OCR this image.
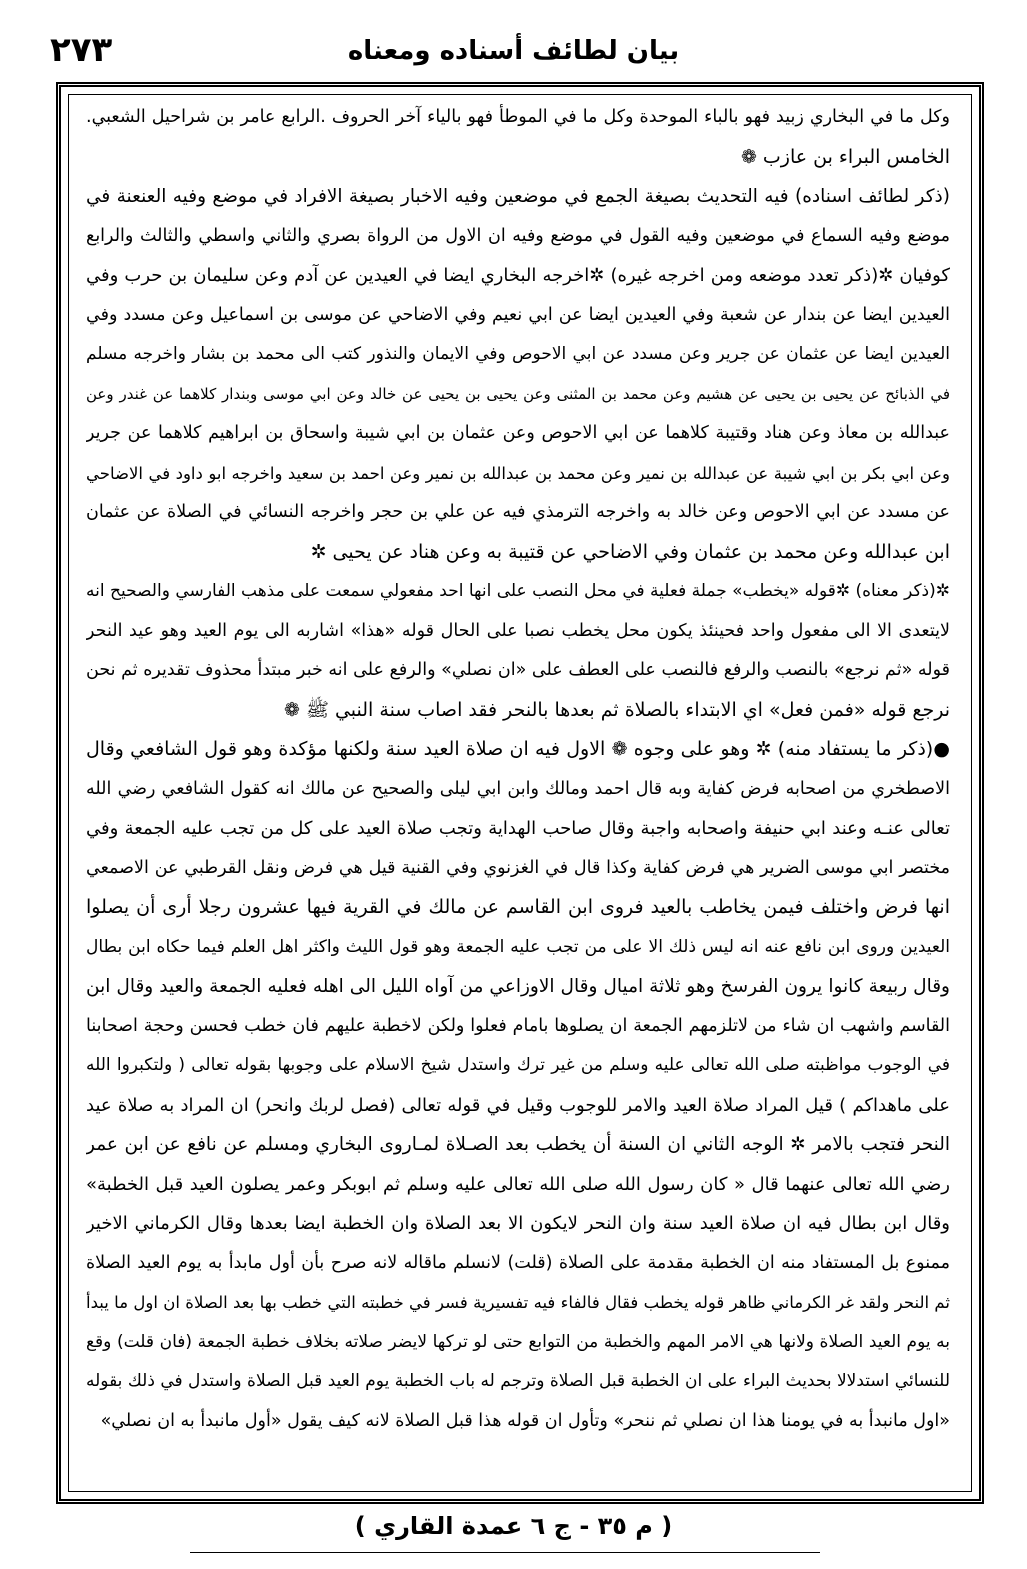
٢٧٣	بيان لطائف أسناده ومعناه
وكل ما في البخاري زبيد فهو بالباء الموحدة وكل ما في الموطأ فهو بالياء آخر الحروف .الرابع عامر بن شراحيل الشعبي.
الخامس البراء بن عازب ❁
(ذكر لطائف اسناده) فيه التحديث بصيغة الجمع في موضعين وفيه الاخبار بصيغة الافراد في موضع وفيه العنعنة في
موضع وفيه السماع في موضعين وفيه القول في موضع وفيه ان الاول من الرواة بصري والثاني واسطي والثالث والرابع
كوفيان ✲(ذكر تعدد موضعه ومن اخرجه غيره) ✲اخرجه البخاري ايضا في العيدين عن آدم وعن سليمان بن حرب وفي
العيدين ايضا عن بندار عن شعبة وفي العيدين ايضا عن ابي نعيم وفي الاضاحي عن موسى بن اسماعيل وعن مسدد وفي
العيدين ايضا عن عثمان عن جرير وعن مسدد عن ابي الاحوص وفي الايمان والنذور كتب الى محمد بن بشار واخرجه مسلم
في الذبائح عن يحيى بن يحيى عن هشيم وعن محمد بن المثنى وعن يحيى بن يحيى عن خالد وعن ابي موسى وبندار كلاهما عن غندر وعن
عبدالله بن معاذ وعن هناد وقتيبة كلاهما عن ابي الاحوص وعن عثمان بن ابي شيبة واسحاق بن ابراهيم كلاهما عن جرير
وعن ابي بكر بن ابي شيبة عن عبدالله بن نمير وعن محمد بن عبدالله بن نمير وعن احمد بن سعيد واخرجه ابو داود في الاضاحي
عن مسدد عن ابي الاحوص وعن خالد به واخرجه الترمذي فيه عن علي بن حجر واخرجه النسائي في الصلاة عن عثمان
ابن عبدالله وعن محمد بن عثمان وفي الاضاحي عن قتيبة به وعن هناد عن يحيى ✲
✲(ذكر معناه) ✲قوله «يخطب» جملة فعلية في محل النصب على انها احد مفعولي سمعت على مذهب الفارسي والصحيح انه
لايتعدى الا الى مفعول واحد فحينئذ يكون محل يخطب نصبا على الحال قوله «هذا» اشاربه الى يوم العيد وهو عيد النحر
قوله «ثم نرجع» بالنصب والرفع فالنصب على العطف على «ان نصلي» والرفع على انه خبر مبتدأ محذوف تقديره ثم نحن
نرجع قوله «فمن فعل» اي الابتداء بالصلاة ثم بعدها بالنحر فقد اصاب سنة النبي ﷺ ❁
●(ذكر ما يستفاد منه) ✲ وهو على وجوه ❁ الاول فيه ان صلاة العيد سنة ولكنها مؤكدة وهو قول الشافعي وقال
الاصطخري من اصحابه فرض كفاية وبه قال احمد ومالك وابن ابي ليلى والصحيح عن مالك انه كقول الشافعي رضي الله
تعالى عنـه وعند ابي حنيفة واصحابه واجبة وقال صاحب الهداية وتجب صلاة العيد على كل من تجب عليه الجمعة وفي
مختصر ابي موسى الضرير هي فرض كفاية وكذا قال في الغزنوي وفي القنية قيل هي فرض ونقل القرطبي عن الاصمعي
انها فرض واختلف فيمن يخاطب بالعيد فروى ابن القاسم عن مالك في القرية فيها عشرون رجلا أرى أن يصلوا
العيدين وروى ابن نافع عنه انه ليس ذلك الا على من تجب عليه الجمعة وهو قول الليث واكثر اهل العلم فيما حكاه ابن بطال
وقال ربيعة كانوا يرون الفرسخ وهو ثلاثة اميال وقال الاوزاعي من آواه الليل الى اهله فعليه الجمعة والعيد وقال ابن
القاسم واشهب ان شاء من لاتلزمهم الجمعة ان يصلوها بامام فعلوا ولكن لاخطبة عليهم فان خطب فحسن وحجة اصحابنا
في الوجوب مواظبته صلى الله تعالى عليه وسلم من غير ترك واستدل شيخ الاسلام على وجوبها بقوله تعالى ( ولتكبروا الله
على ماهداكم ) قيل المراد صلاة العيد والامر للوجوب وقيل في قوله تعالى (فصل لربك وانحر) ان المراد به صلاة عيد
النحر فتجب بالامر ✲ الوجه الثاني ان السنة أن يخطب بعد الصـلاة لمـاروى البخاري ومسلم عن نافع عن ابن عمر
رضي الله تعالى عنهما قال « كان رسول الله صلى الله تعالى عليه وسلم ثم ابوبكر وعمر يصلون العيد قبل الخطبة»
وقال ابن بطال فيه ان صلاة العيد سنة وان النحر لايكون الا بعد الصلاة وان الخطبة ايضا بعدها وقال الكرماني الاخير
ممنوع بل المستفاد منه ان الخطبة مقدمة على الصلاة (قلت) لانسلم ماقاله لانه صرح بأن أول مابدأ به يوم العيد الصلاة
ثم النحر ولقد غر الكرماني ظاهر قوله يخطب فقال فالفاء فيه تفسيرية فسر في خطبته التي خطب بها بعد الصلاة ان اول ما يبدأ
به يوم العيد الصلاة ولانها هي الامر المهم والخطبة من التوابع حتى لو تركها لايضر صلاته بخلاف خطبة الجمعة (فان قلت) وقع
للنسائي استدلالا بحديث البراء على ان الخطبة قبل الصلاة وترجم له باب الخطبة يوم العيد قبل الصلاة واستدل في ذلك بقوله
«اول مانبدأ به في يومنا هذا ان نصلي ثم ننحر» وتأول ان قوله هذا قبل الصلاة لانه كيف يقول «أول مانبدأ به ان نصلي»
( م ٣٥ - ج ٦ عمدة القاري )
